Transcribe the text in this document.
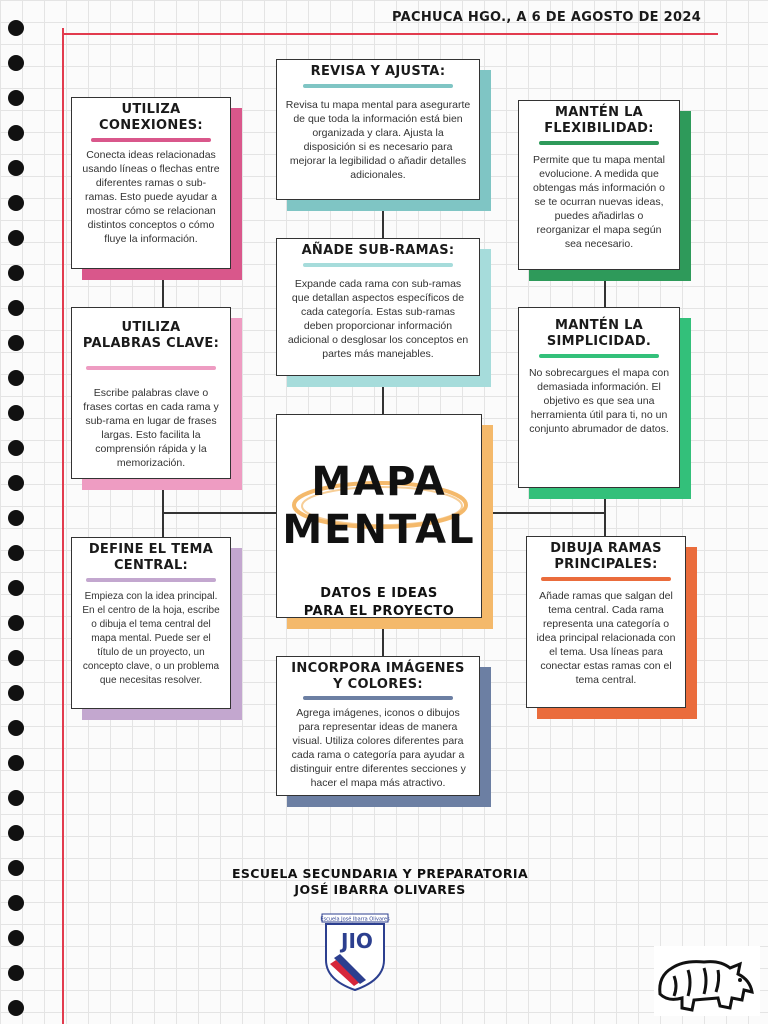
PACHUCA HGO., A 6 DE AGOSTO DE 2024
REVISA Y AJUSTA:

Revisa tu mapa mental para asegurarte de que toda la información está bien organizada y clara. Ajusta la disposición si es necesario para mejorar la legibilidad o añadir detalles adicionales.

AÑADE SUB-RAMAS:

Expande cada rama con sub-ramas que detallan aspectos específicos de cada categoría. Estas sub-ramas deben proporcionar información adicional o desglosar los conceptos en partes más manejables.

UTILIZA CONEXIONES:

Conecta ideas relacionadas usando líneas o flechas entre diferentes ramas o sub-ramas. Esto puede ayudar a mostrar cómo se relacionan distintos conceptos o cómo fluye la información.

UTILIZA PALABRAS CLAVE:

Escribe palabras clave o frases cortas en cada rama y sub-rama en lugar de frases largas. Esto facilita la comprensión rápida y la memorización.

DEFINE EL TEMA CENTRAL:

Empieza con la idea principal. En el centro de la hoja, escribe o dibuja el tema central del mapa mental. Puede ser el título de un proyecto, un concepto clave, o un problema que necesitas resolver.

MANTÉN LA FLEXIBILIDAD:

Permite que tu mapa mental evolucione. A medida que obtengas más información o se te ocurran nuevas ideas, puedes añadirlas o reorganizar el mapa según sea necesario.

MANTÉN LA SIMPLICIDAD.

No sobrecargues el mapa con demasiada información. El objetivo es que sea una herramienta útil para ti, no un conjunto abrumador de datos.

DIBUJA RAMAS PRINCIPALES:

Añade ramas que salgan del tema central. Cada rama representa una categoría o idea principal relacionada con el tema. Usa líneas para conectar estas ramas con el tema central.

INCORPORA IMÁGENES Y COLORES:

Agrega imágenes, iconos o dibujos para representar ideas de manera visual. Utiliza colores diferentes para cada rama o categoría para ayudar a distinguir entre diferentes secciones y hacer el mapa más atractivo.

MAPA
MENTAL
DATOS E IDEAS
PARA EL PROYECTO
ESCUELA SECUNDARIA Y PREPARATORIA
JOSÉ IBARRA OLIVARES
Escuela José Ibarra Olivares
JIO
